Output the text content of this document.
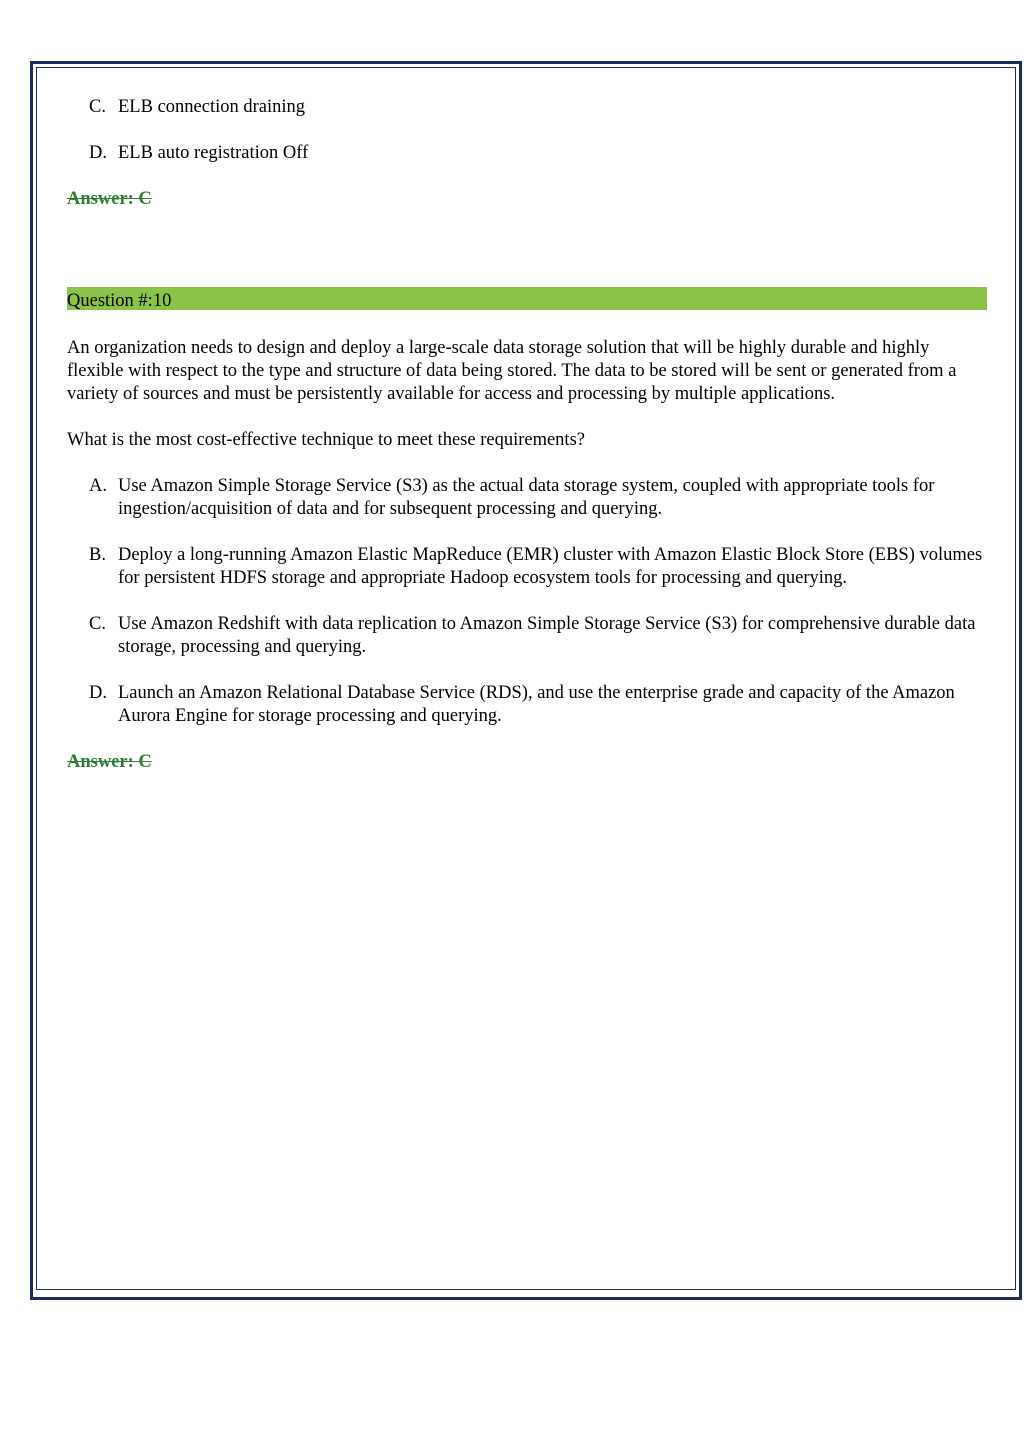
C. ELB connection draining
D. ELB auto registration Off

Answer: C

Question #:10

An organization needs to design and deploy a large-scale data storage solution that will be highly durable and highly flexible with respect to the type and structure of data being stored. The data to be stored will be sent or generated from a variety of sources and must be persistently available for access and processing by multiple applications.

What is the most cost-effective technique to meet these requirements?

A. Use Amazon Simple Storage Service (S3) as the actual data storage system, coupled with appropriate tools for ingestion/acquisition of data and for subsequent processing and querying.
B. Deploy a long-running Amazon Elastic MapReduce (EMR) cluster with Amazon Elastic Block Store (EBS) volumes for persistent HDFS storage and appropriate Hadoop ecosystem tools for processing and querying.
C. Use Amazon Redshift with data replication to Amazon Simple Storage Service (S3) for comprehensive durable data storage, processing and querying.
D. Launch an Amazon Relational Database Service (RDS), and use the enterprise grade and capacity of the Amazon Aurora Engine for storage processing and querying.

Answer: C
